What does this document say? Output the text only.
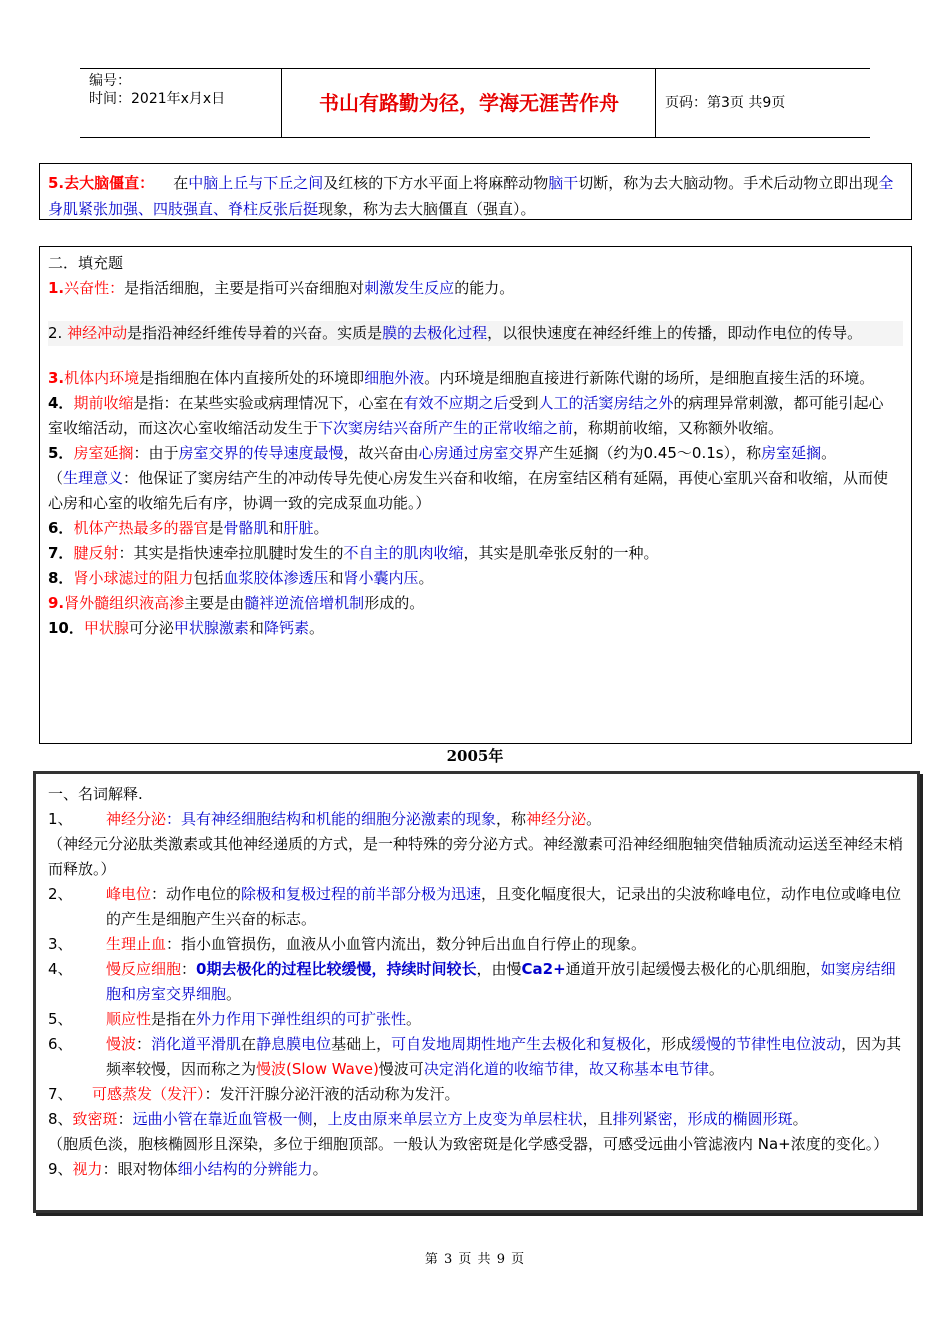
编号：
时间：2021年x月x日	书山有路勤为径，学海无涯苦作舟	页码：第3页 共9页

5.去大脑僵直： 在中脑上丘与下丘之间及红核的下方水平面上将麻醉动物脑干切断，称为去大脑动物。手术后动物立即出现全身肌紧张加强、四肢强直、脊柱反张后挺现象，称为去大脑僵直（强直）。

二．填充题

1.兴奋性：是指活细胞，主要是指可兴奋细胞对刺激发生反应的能力。

2. 神经冲动是指沿神经纤维传导着的兴奋。实质是膜的去极化过程，以很快速度在神经纤维上的传播，即动作电位的传导。

3.机体内环境是指细胞在体内直接所处的环境即细胞外液。内环境是细胞直接进行新陈代谢的场所，是细胞直接生活的环境。

4．期前收缩是指：在某些实验或病理情况下，心室在有效不应期之后受到人工的活窦房结之外的病理异常刺激，都可能引起心
室收缩活动，而这次心室收缩活动发生于下次窦房结兴奋所产生的正常收缩之前，称期前收缩，又称额外收缩。

5．房室延搁：由于房室交界的传导速度最慢，故兴奋由心房通过房室交界产生延搁（约为0.45～0.1s），称房室延搁。

（生理意义：他保证了窦房结产生的冲动传导先使心房发生兴奋和收缩，在房室结区稍有延隔，再使心室肌兴奋和收缩，从而使心房和心室的收缩先后有序，协调一致的完成泵血功能。）

6．机体产热最多的器官是骨骼肌和肝脏。

7．腱反射：其实是指快速牵拉肌腱时发生的不自主的肌肉收缩，其实是肌牵张反射的一种。

8．肾小球滤过的阻力包括血浆胶体渗透压和肾小囊内压。

9.肾外髓组织液高渗主要是由髓袢逆流倍增机制形成的。

10．甲状腺可分泌甲状腺激素和降钙素。

2005年

一、名词解释.

1、 神经分泌：具有神经细胞结构和机能的细胞分泌激素的现象，称神经分泌。

（神经元分泌肽类激素或其他神经递质的方式，是一种特殊的旁分泌方式。神经激素可沿神经细胞轴突借轴质流动运送至神经末梢而释放。）

2、 峰电位：动作电位的除极和复极过程的前半部分极为迅速，且变化幅度很大，记录出的尖波称峰电位，动作电位或峰电位的产生是细胞产生兴奋的标志。

3、 生理止血：指小血管损伤，血液从小血管内流出，数分钟后出血自行停止的现象。

4、 慢反应细胞：0期去极化的过程比较缓慢，持续时间较长，由慢Ca2+通道开放引起缓慢去极化的心肌细胞，如窦房结细胞和房室交界细胞。

5、 顺应性是指在外力作用下弹性组织的可扩张性。

6、 慢波：消化道平滑肌在静息膜电位基础上，可自发地周期性地产生去极化和复极化，形成缓慢的节律性电位波动，因为其频率较慢，因而称之为慢波(Slow Wave)慢波可决定消化道的收缩节律，故又称基本电节律。

7、 可感蒸发（发汗）：发汗汗腺分泌汗液的活动称为发汗。

8、致密斑：远曲小管在靠近血管极一侧，上皮由原来单层立方上皮变为单层柱状，且排列紧密，形成的椭圆形斑。

（胞质色淡，胞核椭圆形且深染，多位于细胞顶部。一般认为致密斑是化学感受器，可感受远曲小管滤液内 Na+浓度的变化。）

9、视力：眼对物体细小结构的分辨能力。

第 3 页 共 9 页
